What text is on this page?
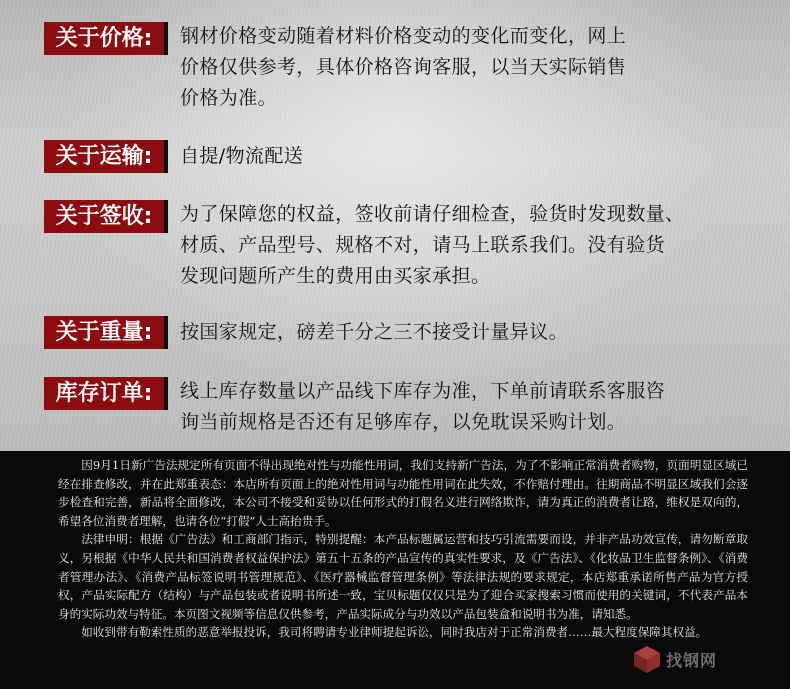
关于价格:	钢材价格变动随着材料价格变动的变化而变化，网上
价格仅供参考，具体价格咨询客服，以当天实际销售
价格为准。
关于运输:	自提/物流配送
关于签收:	为了保障您的权益，签收前请仔细检查，验货时发现数量、
材质、产品型号、规格不对，请马上联系我们。没有验货
发现问题所产生的费用由买家承担。
关于重量:	按国家规定，磅差千分之三不接受计量异议。
库存订单:	线上库存数量以产品线下库存为准，下单前请联系客服咨
询当前规格是否还有足够库存，以免耽误采购计划。

因9月1日新广告法规定所有页面不得出现绝对性与功能性用词，我们支持新广告法，为了不影响正常消费者购物，页面明显区域已经在排查修改，并在此郑重表态：本店所有页面上的绝对性用词与功能性用词在此失效，不作赔付理由。往期商品不明显区域我们会逐步检查和完善，新品将全面修改，本公司不接受和妥协以任何形式的打假名义进行网络欺诈，请为真正的消费者让路，维权是双向的，希望各位消费者理解，也请各位“打假”人士高抬贵手。

法律申明：根据《广告法》和工商部门指示，特别提醒：本产品标题属运营和技巧引流需要而设，并非产品功效宣传，请勿断章取义，另根据《中华人民共和国消费者权益保护法》第五十五条的产品宣传的真实性要求，及《广告法》、《化妆品卫生监督条例》、《消费者管理办法》、《消费产品标签说明书管理规范》、《医疗器械监督管理条例》等法律法规的要求规定，本店郑重承诺所售产品为官方授权，产品实际配方（结构）与产品包装或者说明书所述一致，宝贝标题仅仅只是为了迎合买家搜索习惯而使用的关键词，不代表产品本身的实际功效与特征。本页图文视频等信息仅供参考，产品实际成分与功效以产品包装盒和说明书为准，请知悉。

如收到带有勒索性质的恶意举报投诉，我司将聘请专业律师提起诉讼，同时我店对于正常消费者……最大程度保障其权益。

找钢网
